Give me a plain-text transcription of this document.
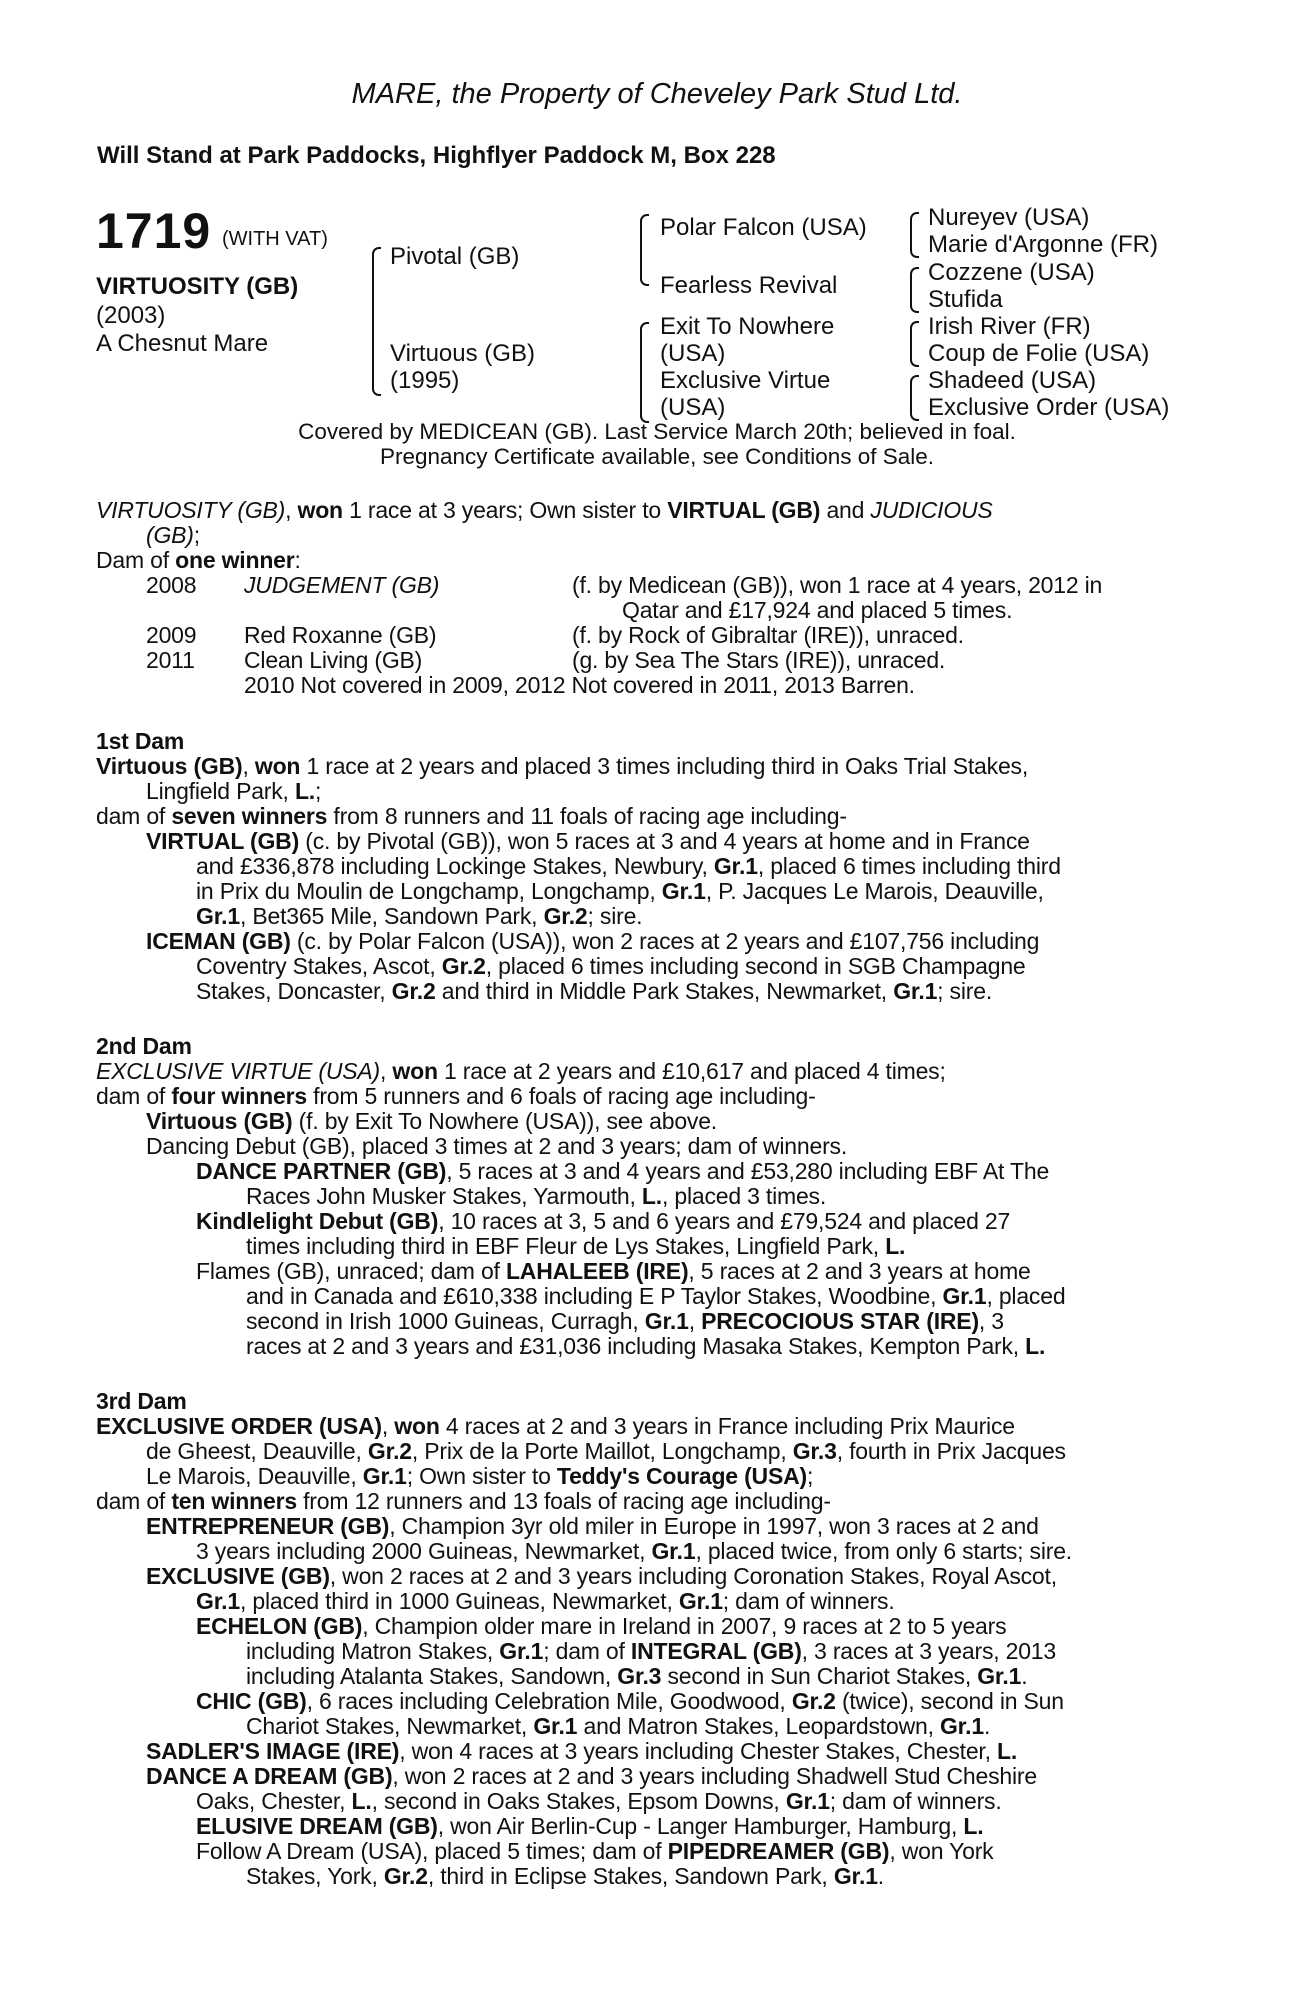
MARE, the Property of Cheveley Park Stud Ltd.
Will Stand at Park Paddocks, Highflyer Paddock M, Box 228
1719 (WITH VAT)
VIRTUOSITY (GB)
(2003)
A Chesnut Mare
Pivotal (GB)
Virtuous (GB)
(1995)
Polar Falcon (USA)
Fearless Revival
Exit To Nowhere
(USA)
Exclusive Virtue
(USA)
Nureyev (USA)
Marie d'Argonne (FR)
Cozzene (USA)
Stufida
Irish River (FR)
Coup de Folie (USA)
Shadeed (USA)
Exclusive Order (USA)
Covered by MEDICEAN (GB). Last Service March 20th; believed in foal.
Pregnancy Certificate available, see Conditions of Sale.
VIRTUOSITY (GB), won 1 race at 3 years; Own sister to VIRTUAL (GB) and JUDICIOUS
(GB);
Dam of one winner:
2008 JUDGEMENT (GB)	(f. by Medicean (GB)), won 1 race at 4 years, 2012 in
Qatar and £17,924 and placed 5 times.
2009 Red Roxanne (GB)	(f. by Rock of Gibraltar (IRE)), unraced.
2011 Clean Living (GB)	(g. by Sea The Stars (IRE)), unraced.
2010 Not covered in 2009, 2012 Not covered in 2011, 2013 Barren.
1st Dam
Virtuous (GB), won 1 race at 2 years and placed 3 times including third in Oaks Trial Stakes,
Lingfield Park, L.;
dam of seven winners from 8 runners and 11 foals of racing age including-
VIRTUAL (GB) (c. by Pivotal (GB)), won 5 races at 3 and 4 years at home and in France
and £336,878 including Lockinge Stakes, Newbury, Gr.1, placed 6 times including third
in Prix du Moulin de Longchamp, Longchamp, Gr.1, P. Jacques Le Marois, Deauville,
Gr.1, Bet365 Mile, Sandown Park, Gr.2; sire.
ICEMAN (GB) (c. by Polar Falcon (USA)), won 2 races at 2 years and £107,756 including
Coventry Stakes, Ascot, Gr.2, placed 6 times including second in SGB Champagne
Stakes, Doncaster, Gr.2 and third in Middle Park Stakes, Newmarket, Gr.1; sire.
2nd Dam
EXCLUSIVE VIRTUE (USA), won 1 race at 2 years and £10,617 and placed 4 times;
dam of four winners from 5 runners and 6 foals of racing age including-
Virtuous (GB) (f. by Exit To Nowhere (USA)), see above.
Dancing Debut (GB), placed 3 times at 2 and 3 years; dam of winners.
DANCE PARTNER (GB), 5 races at 3 and 4 years and £53,280 including EBF At The
Races John Musker Stakes, Yarmouth, L., placed 3 times.
Kindlelight Debut (GB), 10 races at 3, 5 and 6 years and £79,524 and placed 27
times including third in EBF Fleur de Lys Stakes, Lingfield Park, L.
Flames (GB), unraced; dam of LAHALEEB (IRE), 5 races at 2 and 3 years at home
and in Canada and £610,338 including E P Taylor Stakes, Woodbine, Gr.1, placed
second in Irish 1000 Guineas, Curragh, Gr.1, PRECOCIOUS STAR (IRE), 3
races at 2 and 3 years and £31,036 including Masaka Stakes, Kempton Park, L.
3rd Dam
EXCLUSIVE ORDER (USA), won 4 races at 2 and 3 years in France including Prix Maurice
de Gheest, Deauville, Gr.2, Prix de la Porte Maillot, Longchamp, Gr.3, fourth in Prix Jacques
Le Marois, Deauville, Gr.1; Own sister to Teddy's Courage (USA);
dam of ten winners from 12 runners and 13 foals of racing age including-
ENTREPRENEUR (GB), Champion 3yr old miler in Europe in 1997, won 3 races at 2 and
3 years including 2000 Guineas, Newmarket, Gr.1, placed twice, from only 6 starts; sire.
EXCLUSIVE (GB), won 2 races at 2 and 3 years including Coronation Stakes, Royal Ascot,
Gr.1, placed third in 1000 Guineas, Newmarket, Gr.1; dam of winners.
ECHELON (GB), Champion older mare in Ireland in 2007, 9 races at 2 to 5 years
including Matron Stakes, Gr.1; dam of INTEGRAL (GB), 3 races at 3 years, 2013
including Atalanta Stakes, Sandown, Gr.3 second in Sun Chariot Stakes, Gr.1.
CHIC (GB), 6 races including Celebration Mile, Goodwood, Gr.2 (twice), second in Sun
Chariot Stakes, Newmarket, Gr.1 and Matron Stakes, Leopardstown, Gr.1.
SADLER'S IMAGE (IRE), won 4 races at 3 years including Chester Stakes, Chester, L.
DANCE A DREAM (GB), won 2 races at 2 and 3 years including Shadwell Stud Cheshire
Oaks, Chester, L., second in Oaks Stakes, Epsom Downs, Gr.1; dam of winners.
ELUSIVE DREAM (GB), won Air Berlin-Cup - Langer Hamburger, Hamburg, L.
Follow A Dream (USA), placed 5 times; dam of PIPEDREAMER (GB), won York
Stakes, York, Gr.2, third in Eclipse Stakes, Sandown Park, Gr.1.
